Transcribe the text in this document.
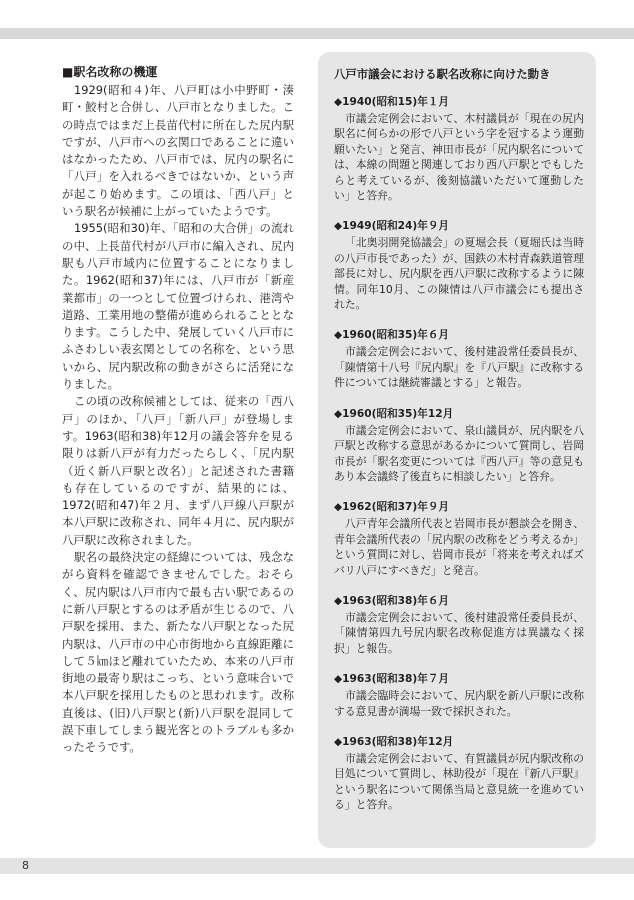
■駅名改称の機運

1929(昭和４)年、八戸町は小中野町・湊町・鮫村と合併し、八戸市となりました。この時点ではまだ上長苗代村に所在した尻内駅ですが、八戸市への玄関口であることに違いはなかったため、八戸市では、尻内の駅名に「八戸」を入れるべきではないか、という声が起こり始めます。この頃は、「西八戸」という駅名が候補に上がっていたようです。

1955(昭和30)年、「昭和の大合併」の流れの中、上長苗代村が八戸市に編入され、尻内駅も八戸市域内に位置することになりました。1962(昭和37)年には、八戸市が「新産業都市」の一つとして位置づけられ、港湾や道路、工業用地の整備が進められることとなります。こうした中、発展していく八戸市にふさわしい表玄関としての名称を、という思いから、尻内駅改称の動きがさらに活発になりました。

この頃の改称候補としては、従来の「西八戸」のほか、「八戸」「新八戸」が登場します。1963(昭和38)年12月の議会答弁を見る限りは新八戸が有力だったらしく、「尻内駅（近く新八戸駅と改名）」と記述された書籍も存在しているのですが、結果的には、1972(昭和47)年２月、まず八戸線八戸駅が本八戸駅に改称され、同年４月に、尻内駅が八戸駅に改称されました。

駅名の最終決定の経緯については、残念ながら資料を確認できませんでした。おそらく、尻内駅は八戸市内で最も古い駅であるのに新八戸駅とするのは矛盾が生じるので、八戸駅を採用、また、新たな八戸駅となった尻内駅は、八戸市の中心市街地から直線距離にして５㎞ほど離れていたため、本来の八戸市街地の最寄り駅はこっち、という意味合いで本八戸駅を採用したものと思われます。改称直後は、(旧)八戸駅と(新)八戸駅を混同して誤下車してしまう観光客とのトラブルも多かったそうです。

八戸市議会における駅名改称に向けた動き
◆1940(昭和15)年１月

市議会定例会において、木村議員が「現在の尻内駅名に何らかの形で八戸という字を冠するよう運動願いたい」と発言、神田市長が「尻内駅名については、本線の問題と関連しており西八戸駅とでもしたらと考えているが、後刻協議いただいて運動したい」と答弁。

◆1949(昭和24)年９月

「北奥羽開発協議会」の夏堀会長（夏堀氏は当時の八戸市長であった）が、国鉄の木村青森鉄道管理部長に対し、尻内駅を西八戸駅に改称するように陳情。同年10月、この陳情は八戸市議会にも提出された。

◆1960(昭和35)年６月

市議会定例会において、後村建設常任委員長が、「陳情第十八号『尻内駅』を『八戸駅』に改称する件については継続審議とする」と報告。

◆1960(昭和35)年12月

市議会定例会において、泉山議員が、尻内駅を八戸駅と改称する意思があるかについて質問し、岩岡市長が「駅名変更については『西八戸』等の意見もあり本会議終了後直ちに相談したい」と答弁。

◆1962(昭和37)年９月

八戸青年会議所代表と岩岡市長が懇談会を開き、青年会議所代表の「尻内駅の改称をどう考えるか」という質問に対し、岩岡市長が「将来を考えればズバリ八戸にすべきだ」と発言。

◆1963(昭和38)年６月

市議会定例会において、後村建設常任委員長が、「陳情第四九号尻内駅名改称促進方は異議なく採択」と報告。

◆1963(昭和38)年７月

市議会臨時会において、尻内駅を新八戸駅に改称する意見書が満場一致で採択された。

◆1963(昭和38)年12月

市議会定例会において、有賀議員が尻内駅改称の目処について質問し、林助役が「現在『新八戸駅』という駅名について関係当局と意見統一を進めている」と答弁。

8
